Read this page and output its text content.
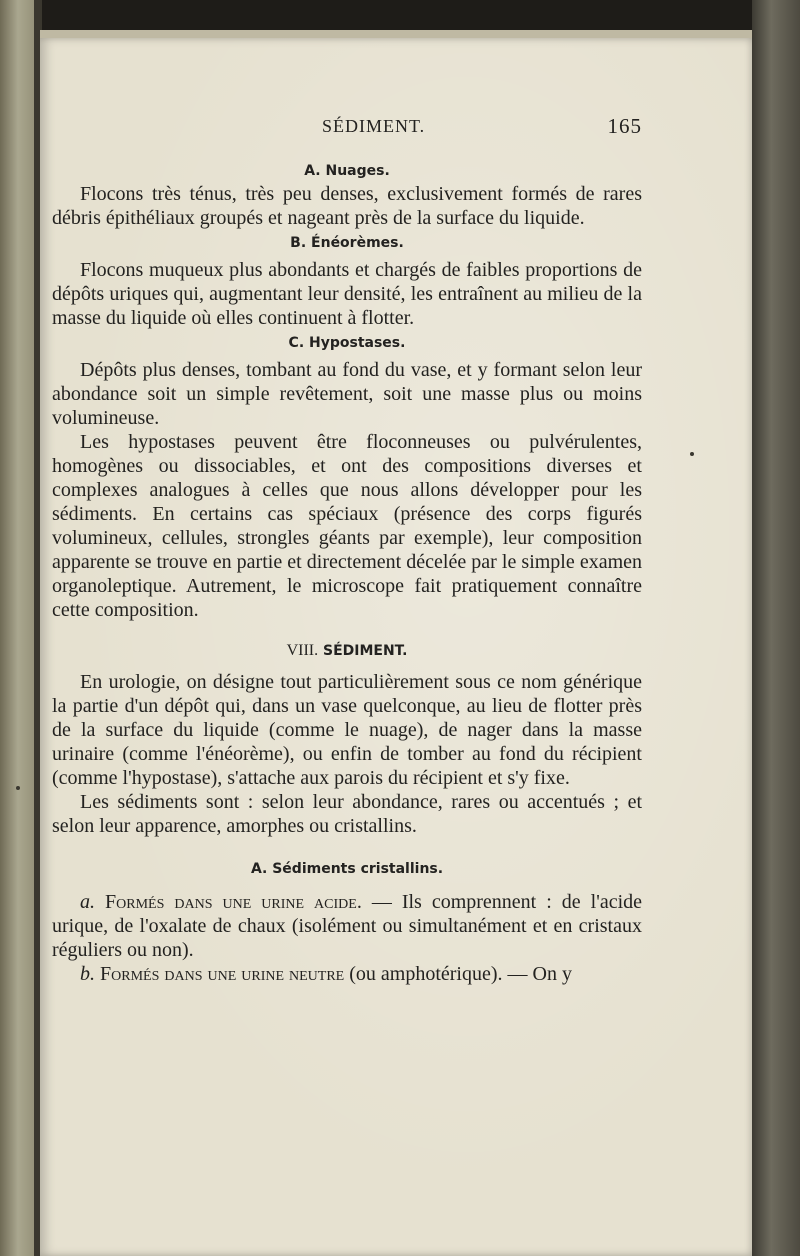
SÉDIMENT.	165
A. Nuages.

Flocons très ténus, très peu denses, exclusivement formés de rares débris épithéliaux groupés et nageant près de la surface du liquide.

B. Énéorèmes.

Flocons muqueux plus abondants et chargés de faibles proportions de dépôts uriques qui, augmentant leur densité, les entraînent au milieu de la masse du liquide où elles continuent à flotter.

C. Hypostases.

Dépôts plus denses, tombant au fond du vase, et y formant selon leur abondance soit un simple revêtement, soit une masse plus ou moins volumineuse.

Les hypostases peuvent être floconneuses ou pulvérulentes, homogènes ou dissociables, et ont des compositions diverses et complexes analogues à celles que nous allons développer pour les sédiments. En certains cas spéciaux (présence des corps figurés volumineux, cellules, strongles géants par exemple), leur composition apparente se trouve en partie et directement décelée par le simple examen organoleptique. Autrement, le microscope fait pratiquement connaître cette composition.

VIII. SÉDIMENT.

En urologie, on désigne tout particulièrement sous ce nom générique la partie d'un dépôt qui, dans un vase quelconque, au lieu de flotter près de la surface du liquide (comme le nuage), de nager dans la masse urinaire (comme l'énéorème), ou enfin de tomber au fond du récipient (comme l'hypostase), s'attache aux parois du récipient et s'y fixe.

Les sédiments sont : selon leur abondance, rares ou accentués ; et selon leur apparence, amorphes ou cristallins.

A. Sédiments cristallins.

a. Formés dans une urine acide. — Ils comprennent : de l'acide urique, de l'oxalate de chaux (isolément ou simultanément et en cristaux réguliers ou non).

b. Formés dans une urine neutre (ou amphotérique). — On y
